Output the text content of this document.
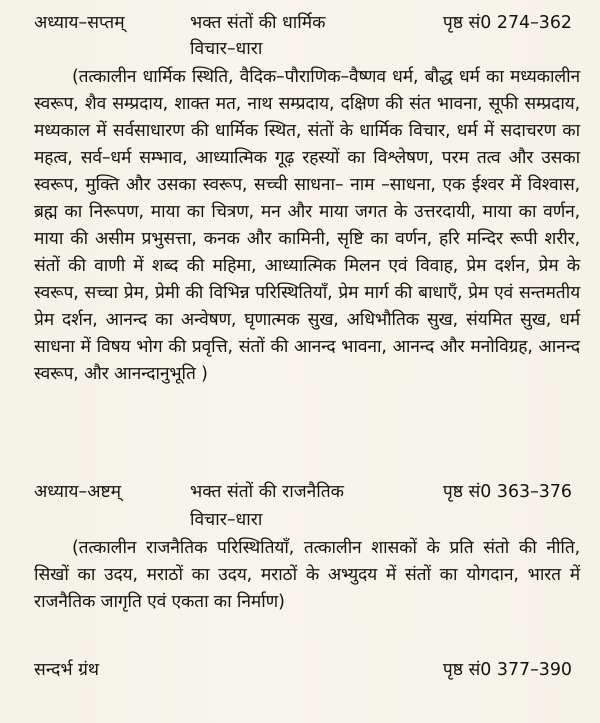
अध्याय–सप्तम्	भक्त संतों की धार्मिक	पृष्ठ सं0 274–362
विचार–धारा
(तत्कालीन धार्मिक स्थिति, वैदिक–पौराणिक–वैष्णव धर्म, बौद्ध धर्म का मध्यकालीन स्वरूप, शैव सम्प्रदाय, शाक्त मत, नाथ सम्प्रदाय, दक्षिण की संत भावना, सूफी सम्प्रदाय, मध्यकाल में सर्वसाधारण की धार्मिक स्थित, संतों के धार्मिक विचार, धर्म में सदाचरण का महत्व, सर्व–धर्म सम्भाव, आध्यात्मिक गूढ़ रहस्यों का विश्लेषण, परम तत्व और उसका स्वरूप, मुक्ति और उसका स्वरूप, सच्ची साधना– नाम –साधना, एक ईश्वर में विश्वास, ब्रह्म का निरूपण, माया का चित्रण, मन और माया जगत के उत्तरदायी, माया का वर्णन, माया की असीम प्रभुसत्ता, कनक और कामिनी, सृष्टि का वर्णन, हरि मन्दिर रूपी शरीर, संतों की वाणी में शब्द की महिमा, आध्यात्मिक मिलन एवं विवाह, प्रेम दर्शन, प्रेम के स्वरूप, सच्चा प्रेम, प्रेमी की विभिन्न परिस्थितियाँ, प्रेम मार्ग की बाधाएँ, प्रेम एवं सन्तमतीय प्रेम दर्शन, आनन्द का अन्वेषण, घृणात्मक सुख, अधिभौतिक सुख, संयमित सुख, धर्म साधना में विषय भोग की प्रवृत्ति, संतों की आनन्द भावना, आनन्द और मनोविग्रह, आनन्द स्वरूप, और आनन्दानुभूति )
अध्याय–अष्टम्	भक्त संतों की राजनैतिक	पृष्ठ सं0 363–376
विचार–धारा
(तत्कालीन राजनैतिक परिस्थितियाँ, तत्कालीन शासकों के प्रति संतो की नीति, सिखों का उदय, मराठों का उदय, मराठों के अभ्युदय में संतों का योगदान, भारत में राजनैतिक जागृति एवं एकता का निर्माण)
सन्दर्भ ग्रंथ	पृष्ठ सं0 377–390
